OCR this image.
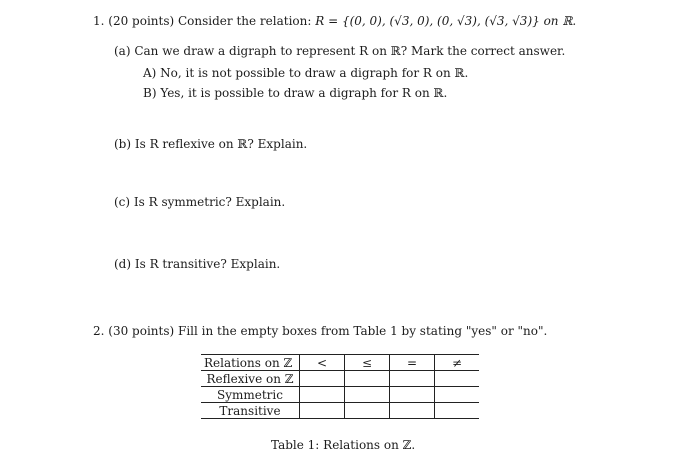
1. (20 points) Consider the relation: R = {(0, 0), (√3, 0), (0, √3), (√3, √3)} on ℝ.
(a) Can we draw a digraph to represent R on ℝ? Mark the correct answer.
A) No, it is not possible to draw a digraph for R on ℝ.
B) Yes, it is possible to draw a digraph for R on ℝ.
(b) Is R reflexive on ℝ? Explain.
(c) Is R symmetric? Explain.
(d) Is R transitive? Explain.
2. (30 points) Fill in the empty boxes from Table 1 by stating "yes" or "no".
Relations on ℤ	<	≤	=	≠
Reflexive on ℤ				
Symmetric				
Transitive				
Table 1: Relations on ℤ.
